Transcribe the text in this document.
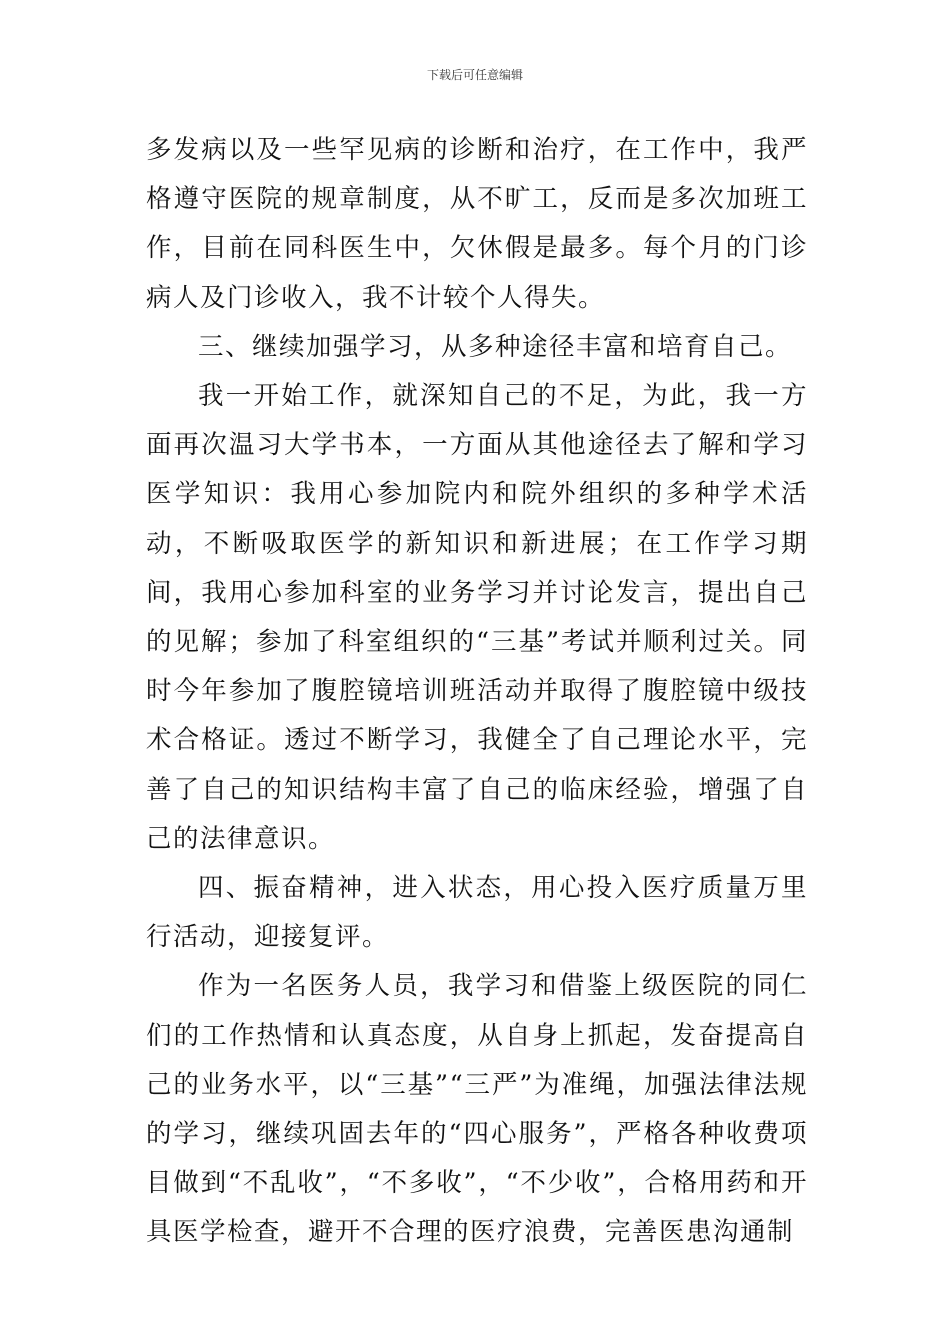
下载后可任意编辑

多发病以及一些罕见病的诊断和治疗，在工作中，我严格遵守医院的规章制度，从不旷工，反而是多次加班工作，目前在同科医生中，欠休假是最多。每个月的门诊病人及门诊收入，我不计较个人得失。

三、继续加强学习，从多种途径丰富和培育自己。

我一开始工作，就深知自己的不足，为此，我一方面再次温习大学书本，一方面从其他途径去了解和学习医学知识：我用心参加院内和院外组织的多种学术活动，不断吸取医学的新知识和新进展；在工作学习期间，我用心参加科室的业务学习并讨论发言，提出自己的见解；参加了科室组织的“三基”考试并顺利过关。同时今年参加了腹腔镜培训班活动并取得了腹腔镜中级技术合格证。透过不断学习，我健全了自己理论水平，完善了自己的知识结构丰富了自己的临床经验，增强了自己的法律意识。

四、振奋精神，进入状态，用心投入医疗质量万里行活动，迎接复评。

作为一名医务人员，我学习和借鉴上级医院的同仁们的工作热情和认真态度，从自身上抓起，发奋提高自己的业务水平，以“三基”“三严”为准绳，加强法律法规的学习，继续巩固去年的“四心服务”，严格各种收费项目做到“不乱收”，“不多收”，“不少收”，合格用药和开具医学检查，避开不合理的医疗浪费，完善医患沟通制
